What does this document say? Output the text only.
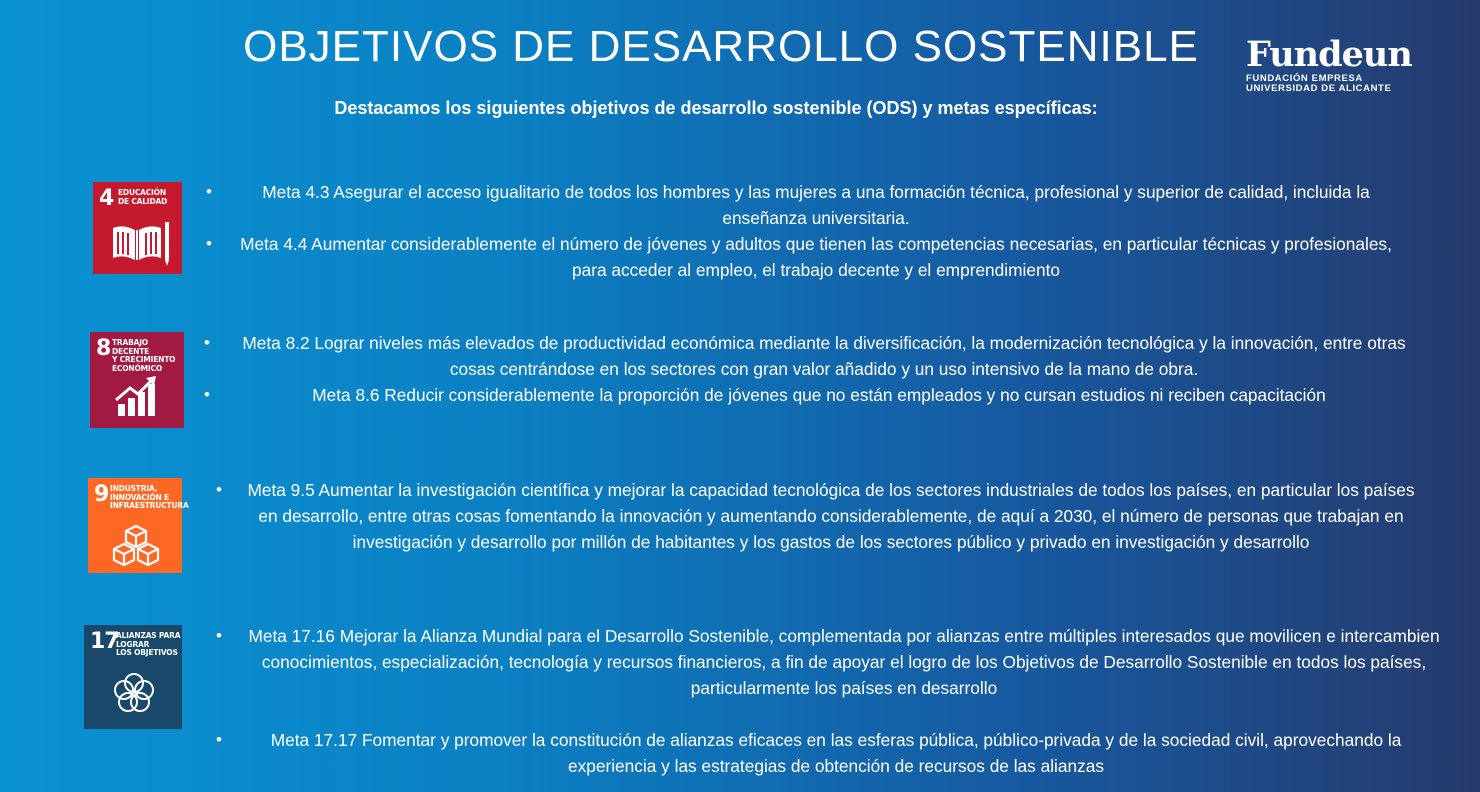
OBJETIVOS DE DESARROLLO SOSTENIBLE
Destacamos los siguientes objetivos de desarrollo sostenible (ODS) y metas específicas:
Fundeun
FUNDACIÓN EMPRESA
UNIVERSIDAD DE ALICANTE
4 EDUCACIÓN
DE CALIDAD
8 TRABAJO DECENTE
Y CRECIMIENTO
ECONÓMICO
9 INDUSTRIA,
INNOVACIÓN E
INFRAESTRUCTURA
17
ALIANZAS PARA
LOGRAR
LOS OBJETIVOS
•	Meta 4.3 Asegurar el acceso igualitario de todos los hombres y las mujeres a una formación técnica, profesional y superior de calidad, incluida la enseñanza universitaria.
•	Meta 4.4 Aumentar considerablemente el número de jóvenes y adultos que tienen las competencias necesarias, en particular técnicas y profesionales, para acceder al empleo, el trabajo decente y el emprendimiento
•	Meta 8.2 Lograr niveles más elevados de productividad económica mediante la diversificación, la modernización tecnológica y la innovación, entre otras cosas centrándose en los sectores con gran valor añadido y un uso intensivo de la mano de obra.
•	Meta 8.6 Reducir considerablemente la proporción de jóvenes que no están empleados y no cursan estudios ni reciben capacitación
•	Meta 9.5 Aumentar la investigación científica y mejorar la capacidad tecnológica de los sectores industriales de todos los países, en particular los países en desarrollo, entre otras cosas fomentando la innovación y aumentando considerablemente, de aquí a 2030, el número de personas que trabajan en investigación y desarrollo por millón de habitantes y los gastos de los sectores público y privado en investigación y desarrollo
•	Meta 17.16 Mejorar la Alianza Mundial para el Desarrollo Sostenible, complementada por alianzas entre múltiples interesados que movilicen e intercambien conocimientos, especialización, tecnología y recursos financieros, a fin de apoyar el logro de los Objetivos de Desarrollo Sostenible en todos los países, particularmente los países en desarrollo
•	Meta 17.17 Fomentar y promover la constitución de alianzas eficaces en las esferas pública, público-privada y de la sociedad civil, aprovechando la experiencia y las estrategias de obtención de recursos de las alianzas
